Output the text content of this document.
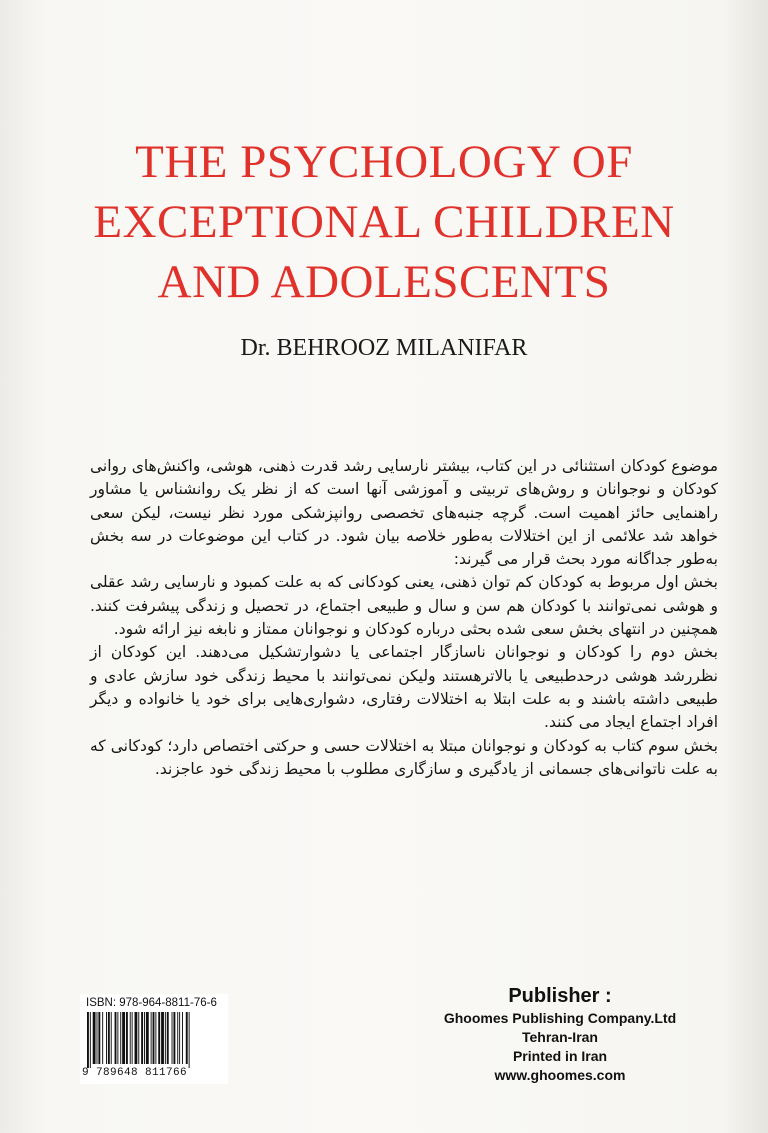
THE PSYCHOLOGY OF
EXCEPTIONAL CHILDREN
AND ADOLESCENTS
Dr. BEHROOZ MILANIFAR

موضوع کودکان استثنائی در این کتاب، بیشتر نارسایی رشد قدرت ذهنی، هوشی، واکنش‌های روانی کودکان و نوجوانان و روش‌های تربیتی و آموزشی آنها است که از نظر یک روانشناس یا مشاور راهنمایی حائز اهمیت است. گرچه جنبه‌های تخصصی روانپزشکی مورد نظر نیست، لیکن سعی خواهد شد علائمی از این اختلالات به‌طور خلاصه بیان شود. در کتاب این موضوعات در سه بخش به‌طور جداگانه مورد بحث قرار می گیرند:

بخش اول مربوط به کودکان کم توان ذهنی، یعنی کودکانی که به علت کمبود و نارسایی رشد عقلی و هوشی نمی‌توانند با کودکان هم سن و سال و طبیعی اجتماع، در تحصیل و زندگی پیشرفت کنند. همچنین در انتهای بخش سعی شده بحثی درباره کودکان و نوجوانان ممتاز و نابغه نیز ارائه شود.

بخش دوم را کودکان و نوجوانان ناسازگار اجتماعی یا دشوارتشکیل می‌دهند. این کودکان از نظررشد هوشی درحدطبیعی یا بالاترهستند ولیکن نمی‌توانند با محیط زندگی خود سازش عادی و طبیعی داشته باشند و به علت ابتلا به اختلالات رفتاری، دشواری‌هایی برای خود یا خانواده و دیگر افراد اجتماع ایجاد می کنند.

بخش سوم کتاب به کودکان و نوجوانان مبتلا به اختلالات حسی و حرکتی اختصاص دارد؛ کودکانی که به علت ناتوانی‌های جسمانی از یادگیری و سازگاری مطلوب با محیط زندگی خود عاجزند.

ISBN: 978-964-8811-76-6
9 789648 811766
Publisher :
Ghoomes Publishing Company.Ltd
Tehran-Iran
Printed in Iran
www.ghoomes.com
